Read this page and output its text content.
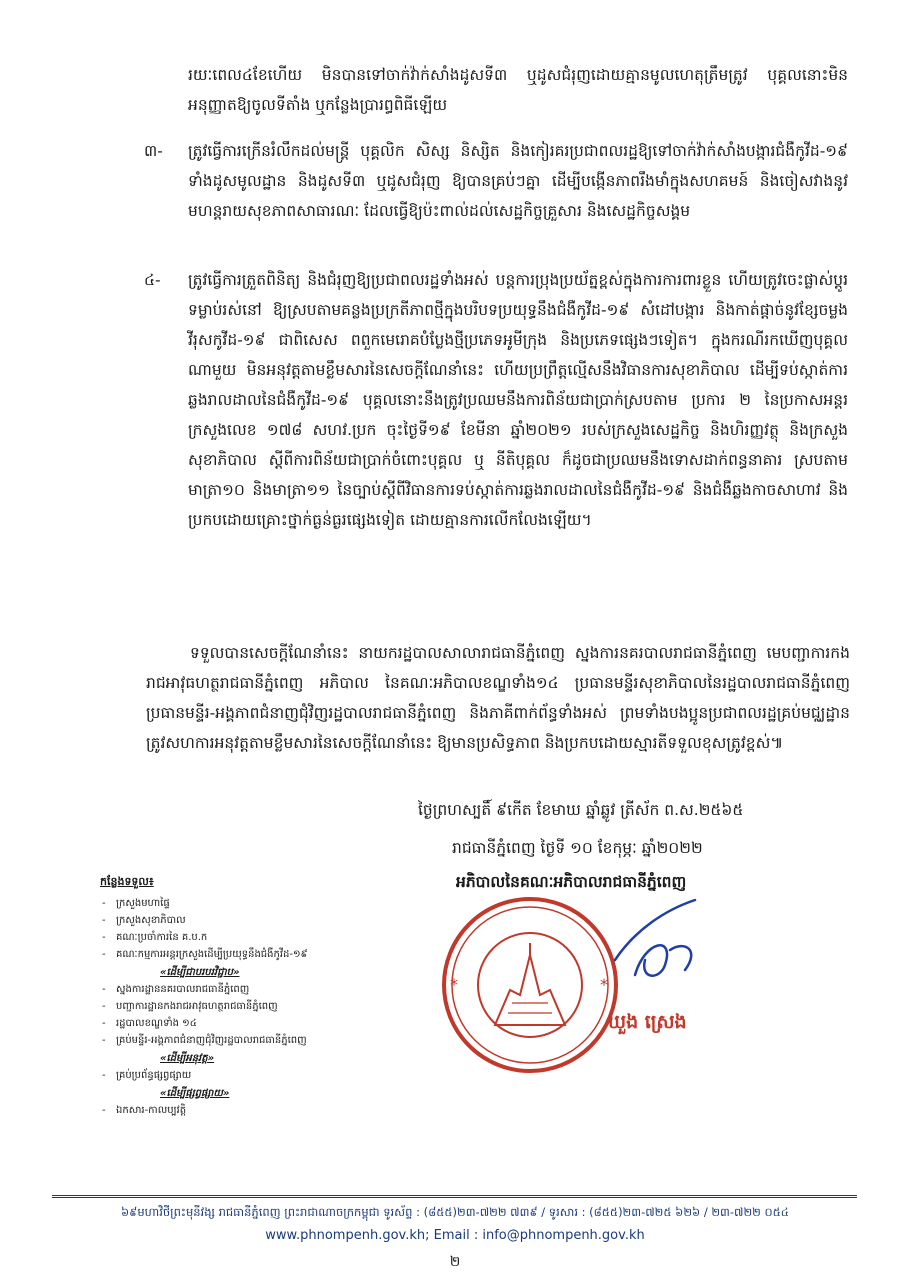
រយៈពេល៤ខែហើយ មិនបានទៅចាក់វ៉ាក់សាំងដូសទី៣ ឬដូសជំរុញដោយគ្មានមូលហេតុត្រឹមត្រូវ បុគ្គលនោះមិនអនុញ្ញាតឱ្យចូលទីតាំង ឬកន្លែងប្រារព្ធពិធីឡើយ

៣- ត្រូវធ្វើការក្រើនរំលឹកដល់មន្ត្រី បុគ្គលិក សិស្ស និស្សិត និងកៀរគរប្រជាពលរដ្ឋឱ្យទៅចាក់វ៉ាក់សាំងបង្ការជំងឺកូវីដ-១៩ ទាំងដូសមូលដ្ឋាន និងដូសទី៣ ឬដូសជំរុញ ឱ្យបានគ្រប់ៗគ្នា ដើម្បីបង្កើនភាពរឹងមាំក្នុងសហគមន៍ និងចៀសវាងនូវមហន្តរាយសុខភាពសាធារណៈ ដែលធ្វើឱ្យប៉ះពាល់ដល់សេដ្ឋកិច្ចគ្រួសារ និងសេដ្ឋកិច្ចសង្គម

៤- ត្រូវធ្វើការត្រួតពិនិត្យ និងជំរុញឱ្យប្រជាពលរដ្ឋទាំងអស់ បន្តការប្រុងប្រយ័ត្នខ្ពស់ក្នុងការការពារខ្លួន ហើយត្រូវចេះផ្លាស់ប្តូរទម្លាប់រស់នៅ ឱ្យស្របតាមគន្លងប្រក្រតីភាពថ្មីក្នុងបរិបទប្រយុទ្ធនឹងជំងឺកូវីដ-១៩ សំដៅបង្ការ និងកាត់ផ្តាច់នូវខ្សែចម្លងវីរុសកូវីដ-១៩ ជាពិសេស ពពួកមេរោគបំប្លែងថ្មីប្រភេទអូមីក្រុង និងប្រភេទផ្សេងៗទៀត។ ក្នុងករណីរកឃើញបុគ្គលណាមួយ មិនអនុវត្តតាមខ្លឹមសារនៃសេចក្តីណែនាំនេះ ហើយប្រព្រឹត្តល្មើសនឹងវិធានការសុខាភិបាល ដើម្បីទប់ស្កាត់ការឆ្លងរាលដាលនៃជំងឺកូវីដ-១៩ បុគ្គលនោះនឹងត្រូវប្រឈមនឹងការពិន័យជាប្រាក់ស្របតាម ប្រការ ២ នៃប្រកាសអន្តរក្រសួងលេខ ១៧៨ សហវ.ប្រក ចុះថ្ងៃទី១៩ ខែមីនា ឆ្នាំ២០២១ របស់ក្រសួងសេដ្ឋកិច្ច និងហិរញ្ញវត្ថុ និងក្រសួងសុខាភិបាល ស្តីពីការពិន័យជាប្រាក់ចំពោះបុគ្គល ឬ នីតិបុគ្គល ក៏ដូចជាប្រឈមនឹងទោសដាក់ពន្ធនាគារ ស្របតាមមាត្រា១០ និងមាត្រា១១ នៃច្បាប់ស្តីពីវិធានការទប់ស្កាត់ការឆ្លងរាលដាលនៃជំងឺកូវីដ-១៩ និងជំងឺឆ្លងកាចសាហាវ និងប្រកបដោយគ្រោះថ្នាក់ធ្ងន់ធ្ងរផ្សេងទៀត ដោយគ្មានការលើកលែងឡើយ។

ទទួលបានសេចក្តីណែនាំនេះ នាយករដ្ឋបាលសាលារាជធានីភ្នំពេញ ស្នងការនគរបាលរាជធានីភ្នំពេញ មេបញ្ជាការកងរាជអាវុធហត្ថរាជធានីភ្នំពេញ អភិបាល នៃគណៈអភិបាលខណ្ឌទាំង១៤ ប្រធានមន្ទីរសុខាភិបាលនៃរដ្ឋបាលរាជធានីភ្នំពេញ ប្រធានមន្ទីរ-អង្គភាពជំនាញជុំវិញរដ្ឋបាលរាជធានីភ្នំពេញ និងភាគីពាក់ព័ន្ធទាំងអស់ ព្រមទាំងបងប្អូនប្រជាពលរដ្ឋគ្រប់មជ្ឈដ្ឋាន ត្រូវសហការអនុវត្តតាមខ្លឹមសារនៃសេចក្តីណែនាំនេះ ឱ្យមានប្រសិទ្ធភាព និងប្រកបដោយស្មារតីទទួលខុសត្រូវខ្ពស់៕

ថ្ងៃព្រហស្បតិ៍ ៩កើត ខែមាឃ ឆ្នាំឆ្លូវ ត្រីស័ក ព.ស.២៥៦៥
រាជធានីភ្នំពេញ ថ្ងៃទី ១០ ខែកុម្ភៈ ឆ្នាំ២០២២
អភិបាលនៃគណៈអភិបាលរាជធានីភ្នំពេញ
កន្លែងទទួល៖
- ក្រសួងមហាផ្ទៃ
- ក្រសួងសុខាភិបាល
- គណៈប្រចាំការនៃ គ.ប.ក
- គណៈកម្មការអន្តរក្រសួងដើម្បីប្រយុទ្ធនឹងជំងឺកូវីដ-១៩
«ដើម្បីជាបរបរវិជ្ជាប»
- ស្នងការដ្ឋាននគរបាលរាជធានីភ្នំពេញ
- បញ្ជាការដ្ឋានកងរាជអាវុធហត្ថរាជធានីភ្នំពេញ
- រដ្ឋបាលខណ្ឌទាំង ១៤
- គ្រប់មន្ទីរ-អង្គភាពជំនាញជុំវិញរដ្ឋបាលរាជធានីភ្នំពេញ
«ដើម្បីអនុវត្ត»
- គ្រប់ប្រព័ន្ធផ្សព្វផ្សាយ
«ដើម្បីផ្សព្វផ្សាយ»
- ឯកសារ-កាលប្បវត្តិ
*	*
ឃួង ស្រេង
៦៩មហាវិថីព្រះមុនីវង្ស រាជធានីភ្នំពេញ ព្រះរាជាណាចក្រកម្ពុជា ទូរស័ព្ទ : (៨៥៥)២៣-៧២២ ៧៣៩ / ទូរសារ : (៨៥៥)២៣-៧២៥ ៦២៦ / ២៣-៧២២ ០៥៤
www.phnompenh.gov.kh; Email : info@phnompenh.gov.kh
២
